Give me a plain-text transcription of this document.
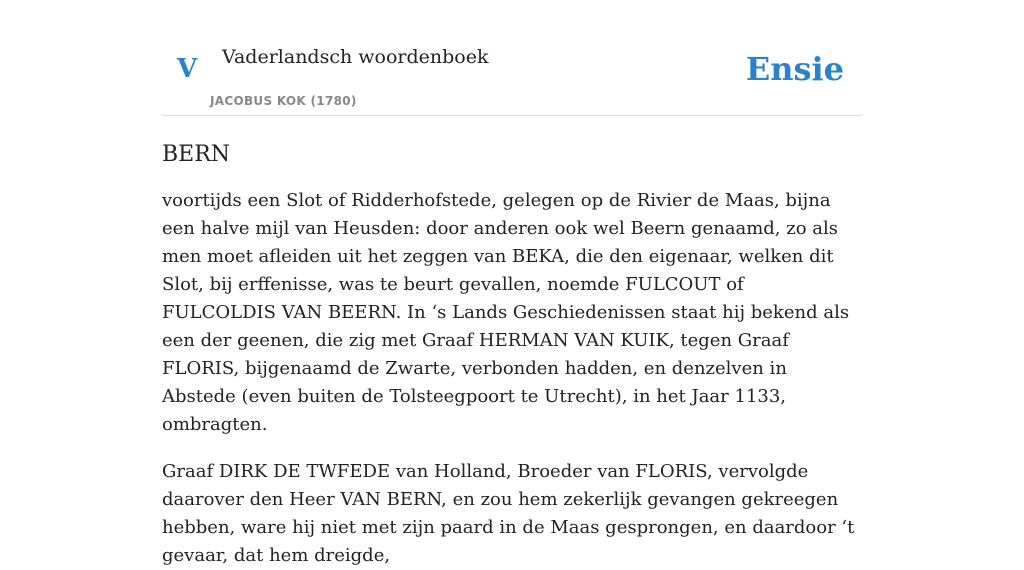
V Vaderlandsch woordenboek
JACOBUS KOK (1780)
Ensie
BERN

voortijds een Slot of Ridderhofstede, gelegen op de Rivier de Maas, bijna een halve mijl van Heusden: door anderen ook wel Beern genaamd, zo als men moet afleiden uit het zeggen van BEKA, die den eigenaar, welken dit Slot, bij erffenisse, was te beurt gevallen, noemde FULCOUT of FULCOLDIS VAN BEERN. In ‘s Lands Geschiedenissen staat hij bekend als een der geenen, die zig met Graaf HERMAN VAN KUIK, tegen Graaf FLORIS, bijgenaamd de Zwarte, verbonden hadden, en denzelven in Abstede (even buiten de Tolsteegpoort te Utrecht), in het Jaar 1133, ombragten.

Graaf DIRK DE TWFEDE van Holland, Broeder van FLORIS, vervolgde daarover den Heer VAN BERN, en zou hem zekerlijk gevangen gekreegen hebben, ware hij niet met zijn paard in de Maas gesprongen, en daardoor ‘t gevaar, dat hem dreigde,
